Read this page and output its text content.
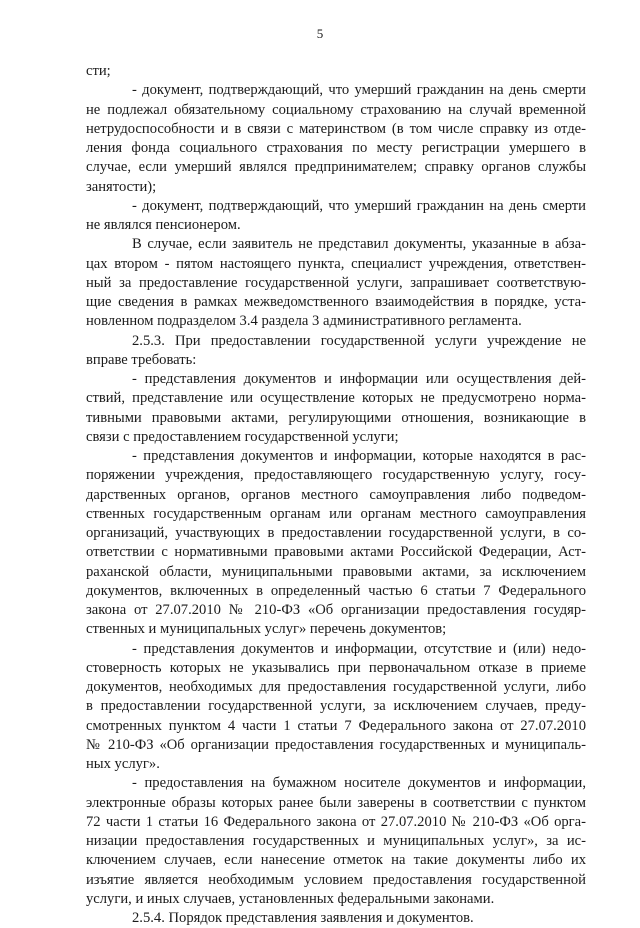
5
сти;
- документ, подтверждающий, что умерший гражданин на день смерти
не подлежал обязательному социальному страхованию на случай временной
нетрудоспособности и в связи с материнством (в том числе справку из отде-
ления фонда социального страхования по месту регистрации умершего в
случае, если умерший являлся предпринимателем; справку органов службы
занятости);
- документ, подтверждающий, что умерший гражданин на день смерти
не являлся пенсионером.
В случае, если заявитель не представил документы, указанные в абза-
цах втором - пятом настоящего пункта, специалист учреждения, ответствен-
ный за предоставление государственной услуги, запрашивает соответствую-
щие сведения в рамках межведомственного взаимодействия в порядке, уста-
новленном подразделом 3.4 раздела 3 административного регламента.
2.5.3. При предоставлении государственной услуги учреждение не
вправе требовать:
- представления документов и информации или осуществления дей-
ствий, представление или осуществление которых не предусмотрено норма-
тивными правовыми актами, регулирующими отношения, возникающие в
связи с предоставлением государственной услуги;
- представления документов и информации, которые находятся в рас-
поряжении учреждения, предоставляющего государственную услугу, госу-
дарственных органов, органов местного самоуправления либо подведом-
ственных государственным органам или органам местного самоуправления
организаций, участвующих в предоставлении государственной услуги, в со-
ответствии с нормативными правовыми актами Российской Федерации, Аст-
раханской области, муниципальными правовыми актами, за исключением
документов, включенных в определенный частью 6 статьи 7 Федерального
закона от 27.07.2010 № 210-ФЗ «Об организации предоставления госудяр-
ственных и муниципальных услуг» перечень документов;
- представления документов и информации, отсутствие и (или) недо-
стоверность которых не указывались при первоначальном отказе в приеме
документов, необходимых для предоставления государственной услуги, либо
в предоставлении государственной услуги, за исключением случаев, преду-
смотренных пунктом 4 части 1 статьи 7 Федерального закона от 27.07.2010
№ 210-ФЗ «Об организации предоставления государственных и муниципаль-
ных услуг».
- предоставления на бумажном носителе документов и информации,
электронные образы которых ранее были заверены в соответствии с пунктом
72 части 1 статьи 16 Федерального закона от 27.07.2010 № 210-ФЗ «Об орга-
низации предоставления государственных и муниципальных услуг», за ис-
ключением случаев, если нанесение отметок на такие документы либо их
изъятие является необходимым условием предоставления государственной
услуги, и иных случаев, установленных федеральными законами.
2.5.4. Порядок представления заявления и документов.
